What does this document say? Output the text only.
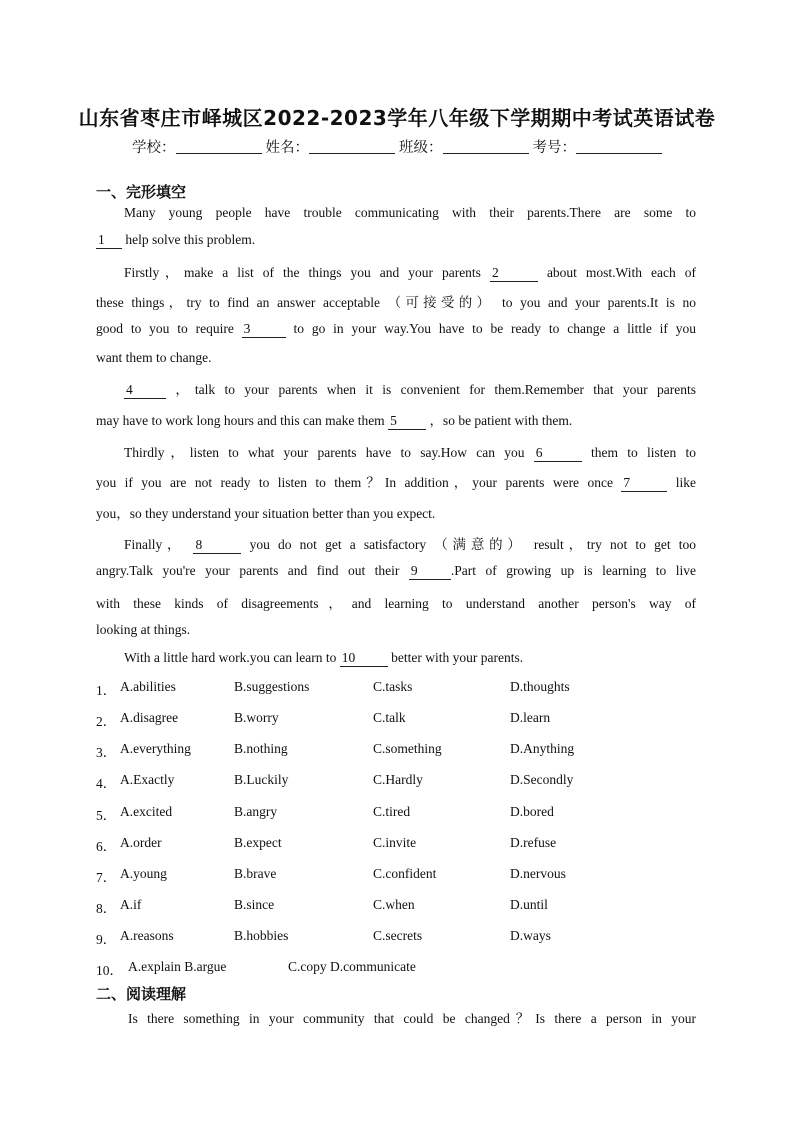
山东省枣庄市峄城区2022-2023学年八年级下学期期中考试英语试卷
学校：	姓名：	班级：	考号：
一、完形填空
Many young people have trouble communicating with their parents.There are some to
1 help solve this problem.
Firstly，make a list of the things you and your parents 2	about most.With each of
these things，try to find an answer acceptable （可接受的） to you and your parents.It is no
good to you to require 3	to go in your way.You have to be ready to change a little if you
want them to change.
4	，talk to your parents when it is convenient for them.Remember that your parents
may have to work long hours and this can make them 5 ，so be patient with them.
Thirdly，listen to what your parents have to say.How can you 6	them to listen to
you if you are not ready to listen to them？In addition，your parents were once 7	like
you，so they understand your situation better than you expect.
Finally， 8	you do not get a satisfactory （满意的） result，try not to get too
angry.Talk you're your parents and find out their 9 .Part of growing up is learning to live
with these kinds of disagreements，and learning to understand another person's way of
looking at things.
With a little hard work.you can learn to 10	better with your parents.
1． A.abilities	B.suggestions	C.tasks	D.thoughts
2． A.disagree	B.worry	C.talk	D.learn
3． A.everything	B.nothing	C.something	D.Anything
4． A.Exactly	B.Luckily	C.Hardly	D.Secondly
5． A.excited	B.angry	C.tired	D.bored
6． A.order	B.expect	C.invite	D.refuse
7． A.young	B.brave	C.confident	D.nervous
8． A.if	B.since	C.when	D.until
9． A.reasons	B.hobbies	C.secrets	D.ways
10． A.explain B.argue	C.copy D.communicate
二、阅读理解
Is there something in your community that could be changed？Is there a person in your
